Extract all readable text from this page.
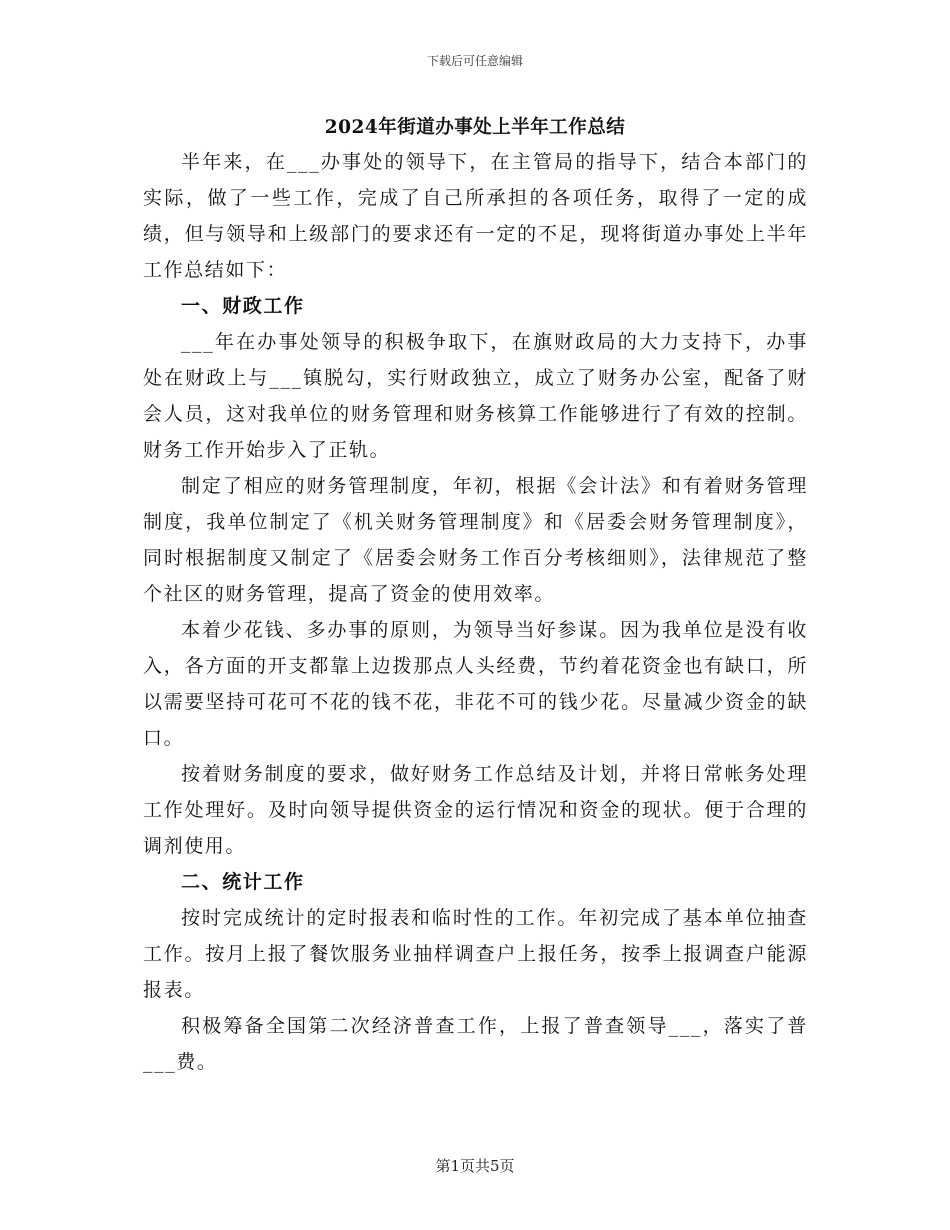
下载后可任意编辑
2024年街道办事处上半年工作总结

半年来，在___办事处的领导下，在主管局的指导下，结合本部门的实际，做了一些工作，完成了自己所承担的各项任务，取得了一定的成绩，但与领导和上级部门的要求还有一定的不足，现将街道办事处上半年工作总结如下：

一、财政工作

___年在办事处领导的积极争取下，在旗财政局的大力支持下，办事处在财政上与___镇脱勾，实行财政独立，成立了财务办公室，配备了财会人员，这对我单位的财务管理和财务核算工作能够进行了有效的控制。财务工作开始步入了正轨。

制定了相应的财务管理制度，年初，根据《会计法》和有着财务管理制度，我单位制定了《机关财务管理制度》和《居委会财务管理制度》，同时根据制度又制定了《居委会财务工作百分考核细则》，法律规范了整个社区的财务管理，提高了资金的使用效率。

本着少花钱、多办事的原则，为领导当好参谋。因为我单位是没有收入，各方面的开支都靠上边拨那点人头经费，节约着花资金也有缺口，所以需要坚持可花可不花的钱不花，非花不可的钱少花。尽量减少资金的缺口。

按着财务制度的要求，做好财务工作总结及计划，并将日常帐务处理工作处理好。及时向领导提供资金的运行情况和资金的现状。便于合理的调剂使用。

二、统计工作

按时完成统计的定时报表和临时性的工作。年初完成了基本单位抽查工作。按月上报了餐饮服务业抽样调查户上报任务，按季上报调查户能源报表。

积极筹备全国第二次经济普查工作，上报了普查领导___，落实了普___费。

第1页共5页
